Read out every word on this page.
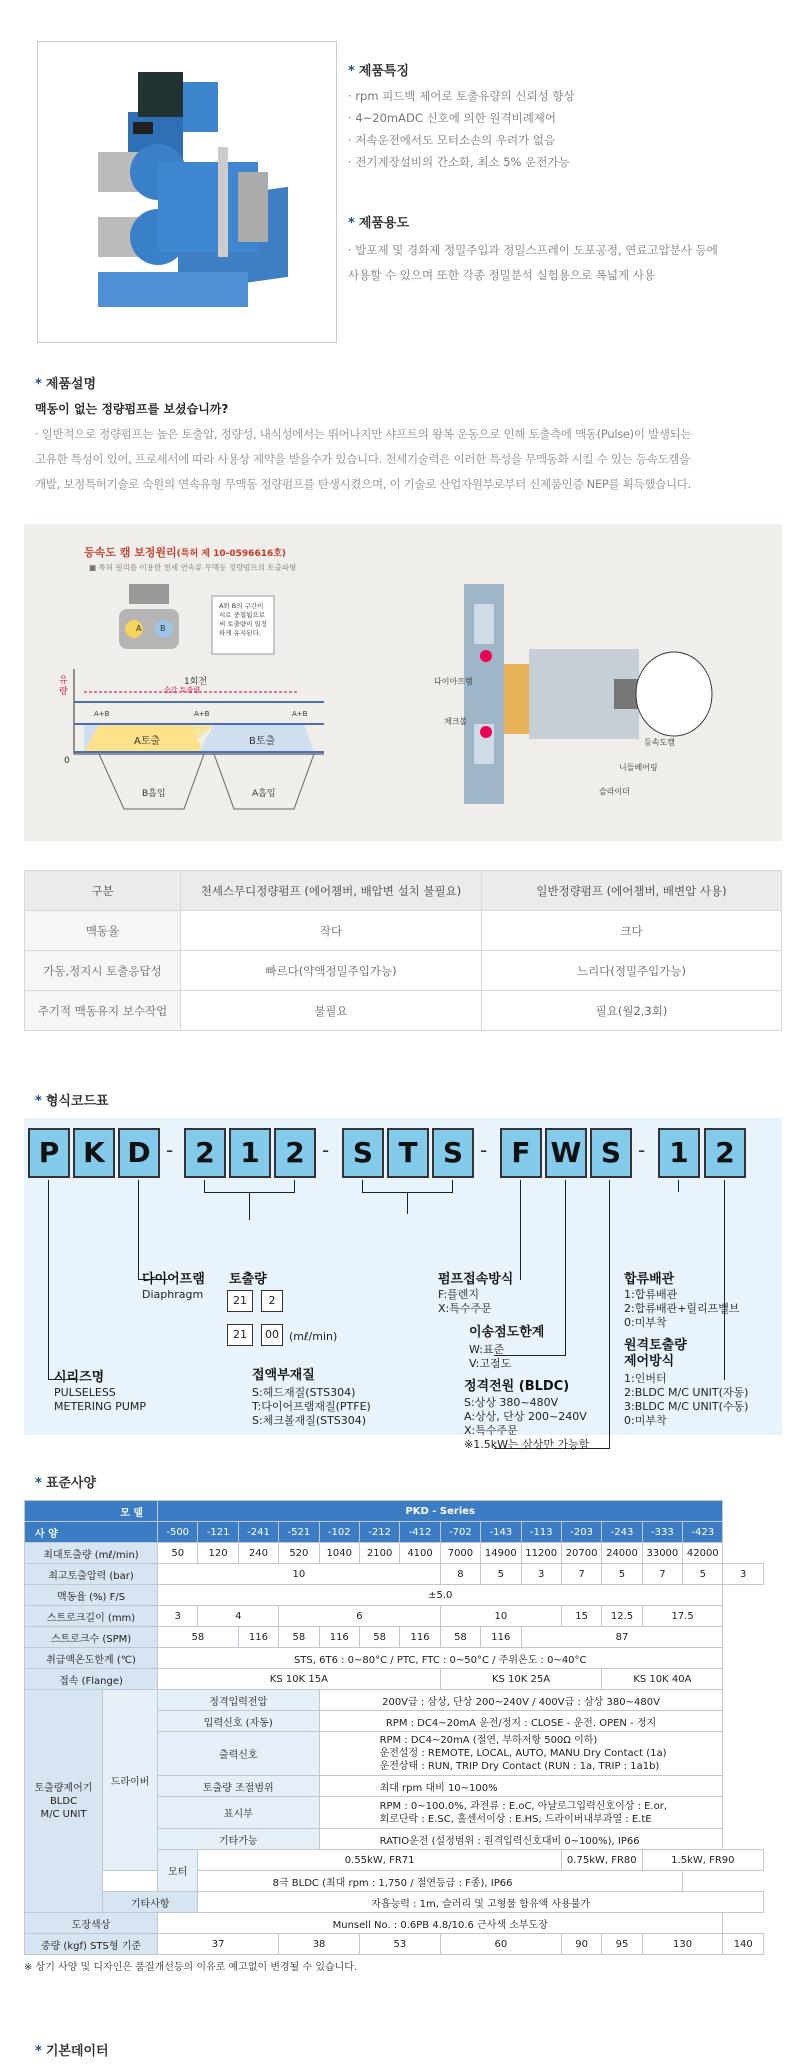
* 제품특징
· rpm 피드백 제어로 토출유량의 신뢰성 향상
· 4~20mADC 신호에 의한 원격비례제어
· 저속운전에서도 모터소손의 우려가 없음
· 전기계장설비의 간소화, 최소 5% 운전가능
* 제품용도
· 발포제 및 경화제 정밀주입과 정밀스프레이 도포공정, 연료고압분사 등에
사용할 수 있으며 또한 각종 정밀분석 실험용으로 폭넓게 사용
* 제품설명
맥동이 없는 정량펌프를 보셨습니까?
· 일반적으로 정량펌프는 높은 토출압, 정량성, 내식성에서는 뛰어나지만 샤프트의 왕복 운동으로 인해 토출측에 맥동(Pulse)이 발생되는
고유한 특성이 있어, 프로세서에 따라 사용상 제약을 받을수가 있습니다. 천세기술력은 이러한 특성을 무맥동화 시킬 수 있는 등속도캠을
개발, 보정특허기술로 숙원의 연속유형 무맥동 정량펌프를 탄생시켰으며, 이 기술로 산업자원부로부터 신제품인증 NEP를 획득했습니다.
등속도 캠 보정원리(특허 제 10-0596616호)
■ 특허 원리를 이용한 천세 연속류 무맥동 정량펌프의 토출파형
A와 B의 구간이 서로 중첩됨으로써 토출량이 일정하게 유지된다.
A B
유량
1회전
순간 토출량
A+B	A+B	A+B
A토출	B토출
0
B흡입	A흡입
다이아프램
체크볼
등속도캠
니들베어링
슬라이더
구분	천세스무디정량펌프 (에어챔버, 배압변 설치 불필요)	일반정량펌프 (에어챔버, 배변압 사용)
맥동율	작다	크다
가동,정지시 토출응답성	빠르다(약액정밀주입가능)	느리다(정밀주입가능)
주기적 맥동유지 보수작업	불필요	필요(월2,3회)
* 형식코드표
P K D - 2 1 2 - S T S - F W S - 1 2
시리즈명
PULSELESS
METERING PUMP
다이어프램
Diaphragm
토출량
21	2
21	00 (mℓ/min)
접액부재질
S:헤드재질(STS304)
T:다이어프램재질(PTFE)
S:체크볼재질(STS304)
펌프접속방식
F:플렌지
X:특수주문
이송점도한계
W:표준
V:고점도
정격전원 (BLDC)
S:상상 380~480V
A:상상, 단상 200~240V
X:특수주문
※1.5kW는 삼상만 가능함
합류배관
1:합류배관
2:합류배관+릴리프밸브
0:미부착
원격토출량
제어방식
1:인버터
2:BLDC M/C UNIT(자동)
3:BLDC M/C UNIT(수동)
0:미부착
* 표준사양
모 델		PKD - Series														
사 양		-500	-121	-241	-521	-102	-212	-412	-702	-143	-113	-203	-243	-333	-423	
최대토출량 (mℓ/min)		50	120	240	520	1040	2100	4100	7000	14900	11200	20700	24000	33000	42000	
최고토출압력 (bar)		10							8	5	3	7	5	7	5	3
맥동율 (%) F/S		±5.0														
스트로크길이 (mm)		3	4		6				10			15	12.5	17.5		
스트로크수 (SPM)		58		116	58	116	58	116	58	116	87					
취급액온도한계 (℃)		STS, 6T6 : 0~80°C / PTC, FTC : 0~50°C / 주위온도 : 0~40°C														
접속 (Flange)		KS 10K 15A							KS 10K 25A				KS 10K 40A			

토출량제어기
BLDC
M/C UNIT	드라이버	정격입력전압				200V급 : 삼상, 단상 200~240V / 400V급 : 삼상 380~480V										
		입력신호 (자동)				RPM : DC4~20mA 운전/정지 : CLOSE - 운전. OPEN - 정지										
		출력신호				RPM : DC4~20mA (절연, 부하저항 500Ω 이하)
운전설정 : REMOTE, LOCAL, AUTO, MANU Dry Contact (1a)
운전상태 : RUN, TRIP Dry Contact (RUN : 1a, TRIP : 1a1b)										

		토출량 조절범위				최대 rpm 대비 10~100%										
		표시부				RPM : 0~100.0%, 과전류 : E.oC, 아날로그입력신호이상 : E.or,
회로단락 : E.SC, 홀센서이상 : E.HS, 드라이버내부과열 : E.tE										

		기타가능				RATIO운전 (설정범위 : 원격입력신호대비 0~100%), IP66										
		모터	0.55kW, FR71									0.75kW, FR80		1.5kW, FR90		
	8극 BLDC (최대 rpm : 1,750 / 절연등급 : F종), IP66															
	기타사항		자흡능력 : 1m, 슬러리 및 고형물 함유액 사용불가													
도장색상		Munsell No. : 0.6PB 4.8/10.6 근사색 소부도장														
중량 (kgf) STS형 기준		37			38		53		60			90	95	130		140
※ 상기 사양 및 디자인은 품질개선등의 이유로 예고없이 변경될 수 있습니다.
* 기본데이터
